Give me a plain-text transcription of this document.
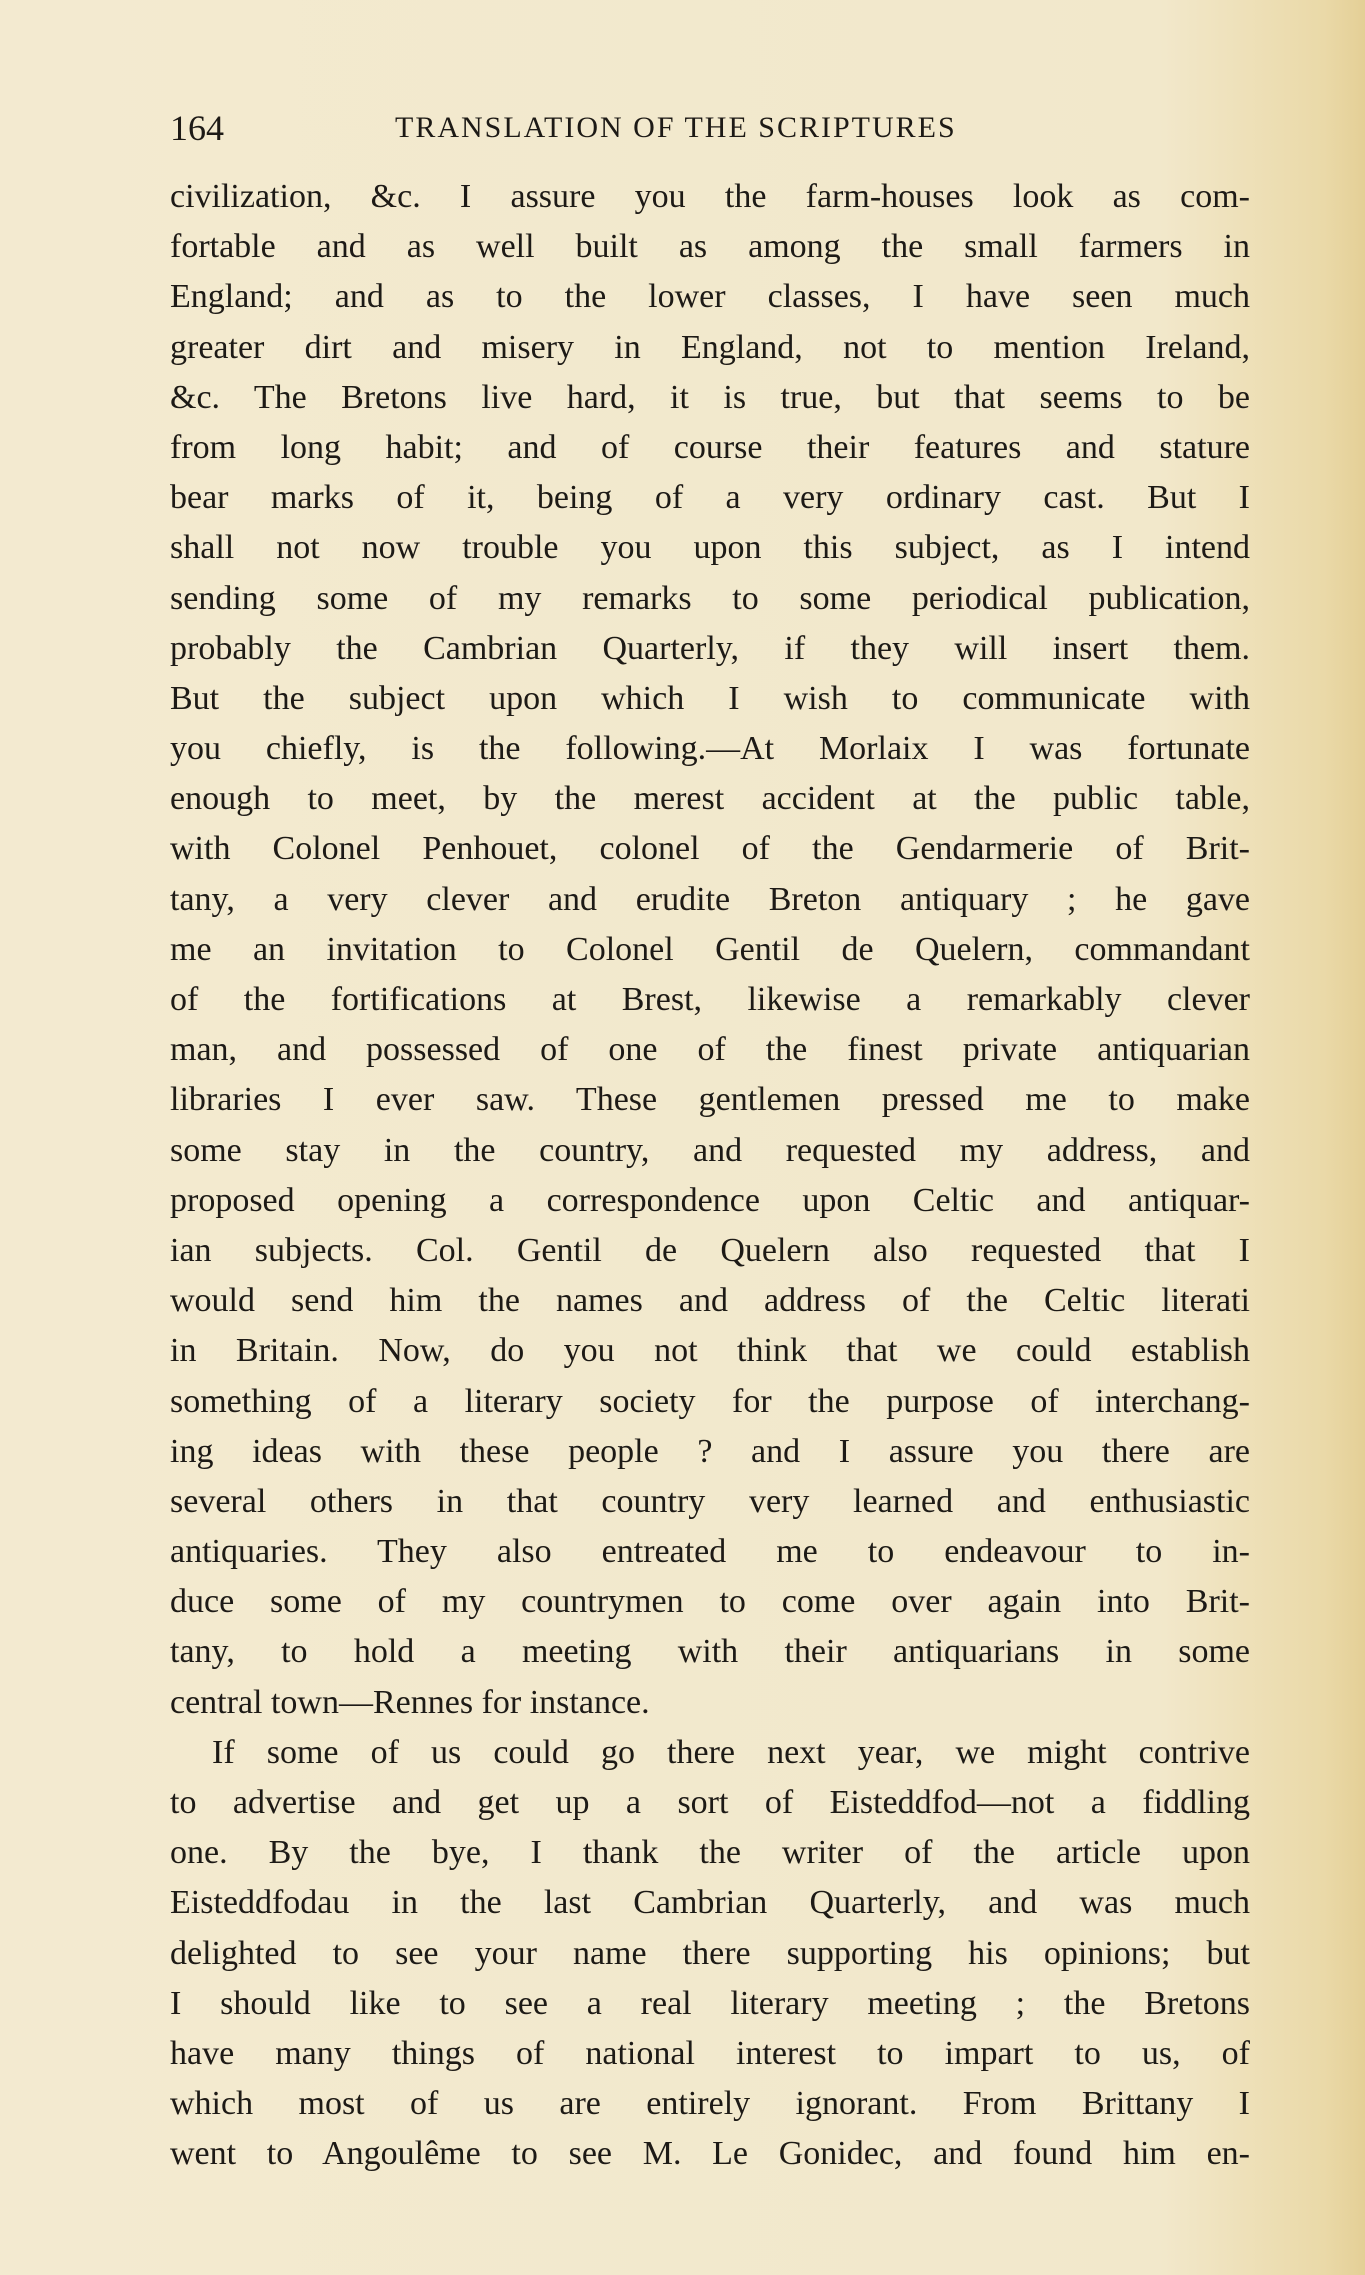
164	TRANSLATION OF THE SCRIPTURES
civilization, &c. I assure you the farm-houses look as com-
fortable and as well built as among the small farmers in
England; and as to the lower classes, I have seen much
greater dirt and misery in England, not to mention Ireland,
&c. The Bretons live hard, it is true, but that seems to be
from long habit; and of course their features and stature
bear marks of it, being of a very ordinary cast. But I
shall not now trouble you upon this subject, as I intend
sending some of my remarks to some periodical publication,
probably the Cambrian Quarterly, if they will insert them.
But the subject upon which I wish to communicate with
you chiefly, is the following.—At Morlaix I was fortunate
enough to meet, by the merest accident at the public table,
with Colonel Penhouet, colonel of the Gendarmerie of Brit-
tany, a very clever and erudite Breton antiquary ; he gave
me an invitation to Colonel Gentil de Quelern, commandant
of the fortifications at Brest, likewise a remarkably clever
man, and possessed of one of the finest private antiquarian
libraries I ever saw. These gentlemen pressed me to make
some stay in the country, and requested my address, and
proposed opening a correspondence upon Celtic and antiquar-
ian subjects. Col. Gentil de Quelern also requested that I
would send him the names and address of the Celtic literati
in Britain. Now, do you not think that we could establish
something of a literary society for the purpose of interchang-
ing ideas with these people ? and I assure you there are
several others in that country very learned and enthusiastic
antiquaries. They also entreated me to endeavour to in-
duce some of my countrymen to come over again into Brit-
tany, to hold a meeting with their antiquarians in some
central town—Rennes for instance.
If some of us could go there next year, we might contrive
to advertise and get up a sort of Eisteddfod—not a fiddling
one. By the bye, I thank the writer of the article upon
Eisteddfodau in the last Cambrian Quarterly, and was much
delighted to see your name there supporting his opinions; but
I should like to see a real literary meeting ; the Bretons
have many things of national interest to impart to us, of
which most of us are entirely ignorant. From Brittany I
went to Angoulême to see M. Le Gonidec, and found him en-
